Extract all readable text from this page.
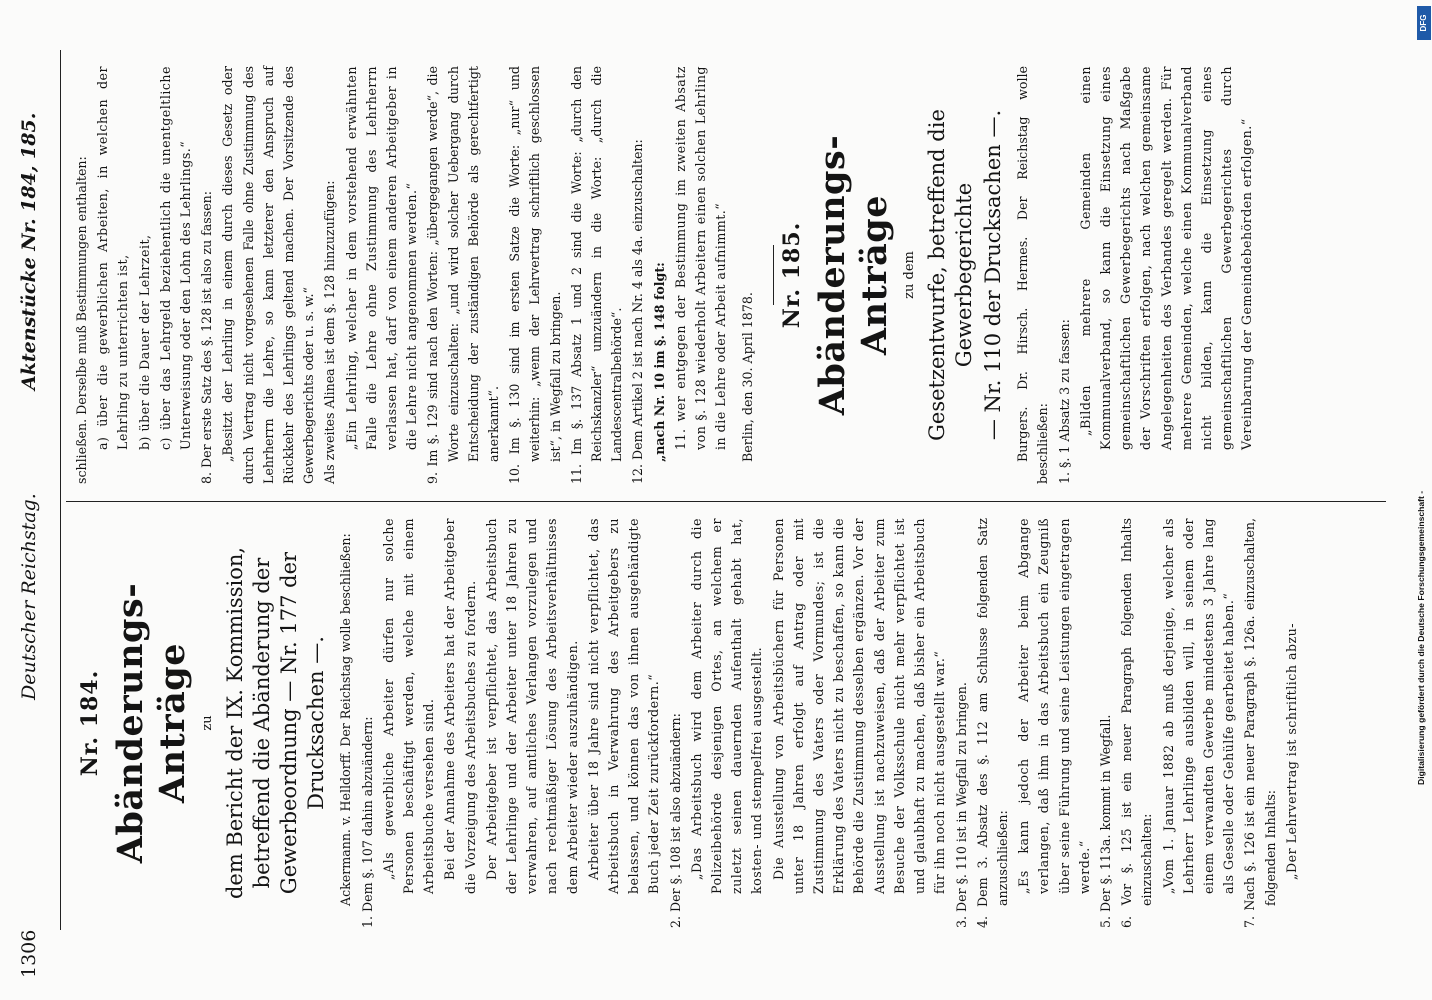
1306
Deutscher Reichstag.
Aktenstücke Nr. 184, 185.
Nr. 184. Abänderungs-Anträge zu dem Bericht der IX. Kommission, betreffend die Abänderung der Gewerbeordnung — Nr. 177 der Drucksachen —. Ackermann. v. Helldorff. Der Reichstag wolle beschließen: 1. Dem §. 107 dahin abzuändern: „Als gewerbliche Arbeiter dürfen nur solche Personen beschäftigt werden, welche mit einem Arbeitsbuche versehen sind. Bei der Annahme des Arbeiters hat der Arbeitgeber die Vorzeigung des Arbeitsbuches zu fordern. Der Arbeitgeber ist verpflichtet, das Arbeitsbuch der Lehrlinge und der Arbeiter unter 18 Jahren zu verwahren, auf amtliches Verlangen vorzulegen und nach rechtmäßiger Lösung des Arbeitsverhältnisses dem Arbeiter wieder auszuhändigen. Arbeiter über 18 Jahre sind nicht verpflichtet, das Arbeitsbuch in Verwahrung des Arbeitgebers zu belassen, und können das von ihnen ausgehändigte Buch jeder Zeit zurückfordern.“ 2. Der §. 108 ist also abzuändern: „Das Arbeitsbuch wird dem Arbeiter durch die Polizeibehörde desjenigen Ortes, an welchem er zuletzt seinen dauernden Aufenthalt gehabt hat, kosten- und stempelfrei ausgestellt. Die Ausstellung von Arbeitsbüchern für Personen unter 18 Jahren erfolgt auf Antrag oder mit Zustimmung des Vaters oder Vormundes; ist die Erklärung des Vaters nicht zu beschaffen, so kann die Behörde die Zustimmung desselben ergänzen. Vor der Ausstellung ist nachzuweisen, daß der Arbeiter zum Besuche der Volksschule nicht mehr verpflichtet ist und glaubhaft zu machen, daß bisher ein Arbeitsbuch für ihn noch nicht ausgestellt war.“ 3. Der §. 110 ist in Wegfall zu bringen. 4. Dem 3. Absatz des §. 112 am Schlusse folgenden Satz anzuschließen: „Es kann jedoch der Arbeiter beim Abgange verlangen, daß ihm in das Arbeitsbuch ein Zeugniß über seine Führung und seine Leistungen eingetragen werde.“ 5. Der §. 113a. kommt in Wegfall. 6. Vor §. 125 ist ein neuer Paragraph folgenden Inhalts einzuschalten: „Vom 1. Januar 1882 ab muß derjenige, welcher als Lehrherr Lehrlinge ausbilden will, in seinem oder einem verwandten Gewerbe mindestens 3 Jahre lang als Geselle oder Gehülfe gearbeitet haben.“ 7. Nach §. 126 ist ein neuer Paragraph §. 126a. einzuschalten, folgenden Inhalts: „Der Lehrvertrag ist schriftlich abzu-

schließen. Derselbe muß Bestimmungen enthalten: a) über die gewerblichen Arbeiten, in welchen der Lehrling zu unterrichten ist, b) über die Dauer der Lehrzeit, c) über das Lehrgeld beziehentlich die unentgeltliche Unterweisung oder den Lohn des Lehrlings.“ 8. Der erste Satz des §. 128 ist also zu fassen: „Besitzt der Lehrling in einem durch dieses Gesetz oder durch Vertrag nicht vorgesehenen Falle ohne Zustimmung des Lehrherrn die Lehre, so kann letzterer den Anspruch auf Rückkehr des Lehrlings geltend machen. Der Vorsitzende des Gewerbegerichts oder u. s. w.“ Als zweites Alinea ist dem §. 128 hinzuzufügen: „Ein Lehrling, welcher in dem vorstehend erwähnten Falle die Lehre ohne Zustimmung des Lehrherrn verlassen hat, darf von einem anderen Arbeitgeber in die Lehre nicht angenommen werden.“ 9. Im §. 129 sind nach den Worten: „übergegangen werde“, die Worte einzuschalten: „und wird solcher Uebergang durch Entscheidung der zuständigen Behörde als gerechtfertigt anerkannt“. 10. Im §. 130 sind im ersten Satze die Worte: „nur“ und weiterhin: „wenn der Lehrvertrag schriftlich geschlossen ist“, in Wegfall zu bringen. 11. Im §. 137 Absatz 1 und 2 sind die Worte: „durch den Reichskanzler“ umzuändern in die Worte: „durch die Landescentralbehörde“. 12. Dem Artikel 2 ist nach Nr. 4 als 4a. einzuschalten: „nach Nr. 10 im §. 148 folgt: 11. wer entgegen der Bestimmung im zweiten Absatz von §. 128 wiederholt Arbeitern einen solchen Lehrling in die Lehre oder Arbeit aufnimmt.“ Berlin, den 30. April 1878.

Nr. 185. Abänderungs-Anträge zu dem Gesetzentwurfe, betreffend die Gewerbegerichte — Nr. 110 der Drucksachen —. Burgers. Dr. Hirsch. Hermes. Der Reichstag wolle beschließen: 1. §. 1 Absatz 3 zu fassen: „Bilden mehrere Gemeinden einen Kommunalverband, so kann die Einsetzung eines gemeinschaftlichen Gewerbegerichts nach Maßgabe der Vorschriften erfolgen, nach welchen gemeinsame Angelegenheiten des Verbandes geregelt werden. Für mehrere Gemeinden, welche einen Kommunalverband nicht bilden, kann die Einsetzung eines gemeinschaftlichen Gewerbegerichtes durch Vereinbarung der Gemeindebehörden erfolgen.“

Digitalisierung gefördert durch die Deutsche Forschungsgemeinschaft -
DFG
